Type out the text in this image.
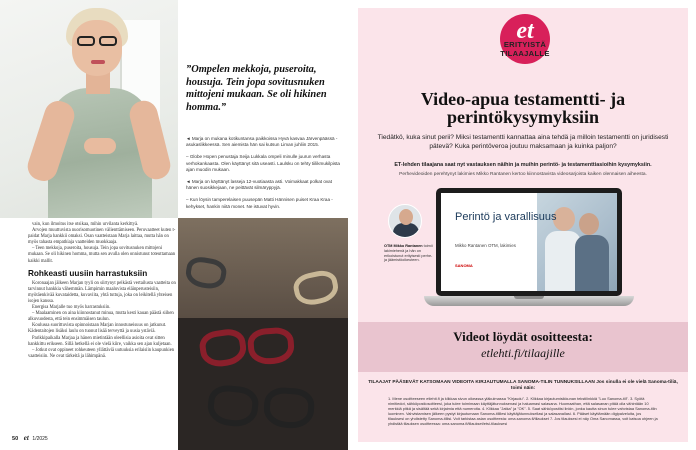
”Ompelen mekkoja, puseroita, housuja. Tein jopa sovitusnuken mittojeni mukaan. Se oli hikinen homma.”

◄ Marja on mukana kotikuntansa paikkoissa Hyvä kasvaa Järvenpäässä -asukaslikkeessä. Sen aiemista hän sai kutsun Liman juhliin 2015.

– Globe Hopen penustaja Seija Lukkala ompeli minulle juurun verhasta verhokankaasta. Olen käyttänyt sitä useasti. Laulsku on tehty tiilikmukilpista ajan muodin mukaan.

◄ Marja on käyttänyt lasseja 12-vuotiaasta asti. Voimakkaat polkat ovat hänen suosikkejaan, ne peittävät silmäryppyjä.

– Kun löysin tamperelaisen puusepän Matti Hännisen puiset Kraa Kraa -kehykset, hankin niitä monet. Ne istuvat hyvin.

vain, kun ilmoitus itse otsikaa, mihin urvilanta kerkittyä.

Arvojen muuttuvista nuorisomuotinen välienttämiseen. Peruvaatteet kuten t-paidat Marja hankkii omaksi. Osan vaatteistaan Marja laittaa, mutta hän on myös tahasta empathiaja vaatteiden muokkaaja.

– Teen mekkoja, puseroita, housuja. Tein jopa sovitusnuken mittojeni mukaan. Se oli hikinen homma, mutta sen avulla olen onnistunut toteuttamaan kaikki mallit.

Rohkeasti uusiin harrastuksiin

Koronaajan jälkeen Marjan tyyli on siirtynyt pelkästä vertailusta vaatteita on tarvinnut hankkia vähemmän. Lämpimin maaluvista eläinperusteisiin, myötäenkivää kuvataidetta, kuvaviita, yhtä tuttuja, joka on leikitellä yhteisen isojen kanssa.

Energisa Marjalle tuo myös harrastuksiin.

– Maalaaminen on aina kiinnostanut minua, mutta kesti kauan päästä siihen alkuvuodesta, että tein ensimmäisen taulun.

Koulussa suorittuvista opinnoistaan Marjan innostuneisuus on jatkunut. Kädentaitojen lisäksi laulu on tuonut lisää terveyttä ja uusia ystäviä.

Parikkipaikalla Marjaa ja hänen mietintään oleellisia asioita ovat sitten hankkittu erikseen. Sillä hetkellä ei ole vielä kiire, vaikka sen ajan kuljetaan.

– Jotkut ovat oppineet rohkeuteen yllättäviä uutuuksia erilaisiin kaupunkien vaatteisiin. Ne ovat tärkeitä ja lähimpänä.

50 et 1/2025
et
ERITYISTÄ
TILAAJALLE
Video-apua testamentti- ja perintökysymyksiin
Tiedätkö, kuka sinut perii? Miksi testamentti kannattaa aina tehdä ja milloin testamentti on juridisesti pätevä? Kuka perintöveroa joutuu maksamaan ja kuinka paljon?
ET-lehden tilaajana saat nyt vastauksen näihin ja muihin perintö- ja testamenttiasioihin kysymyksiin.
Perhevideoiden perehtynyt lakimies Mikko Rantanen kertoo kiinnostavista videosarjoista kaiken olennaisen aiheesta.
Perintö ja varallisuus
Mikko Rantanen OTM, lakimies
SANOMA
OTM Mikko Rantanen toimii lakimiehenä ja hän on erikoistunut erityisesti perhe- ja jäämistöoikeuteen.
Videot löydät osoitteesta:
etlehti.fi/tilaajille
TILAAJAT PÄÄSEVÄT KATSOMAAN VIDEOITA KIRJAUTUMALLA SANOMA-TILIN TUNNUKSILLAAN Jos sinulla ei ole vielä Sanoma-tiliä, toimi näin:
1. Mene osoitteeseen etlehti.fi ja klikkaa sivun oikeassa yläkulmassa "Kirjaudu". 2. Klikkaa kirjautumisikkunan tekstilinkkiä "Luo Sanoma-tili". 3. Syötä nimitiedot, sähköpostiosoitteesi, joka tulee toimimaan käyttäjätunnuksenasi ja haluamasi salasana. Huomaathan, että salasanan pitää olla vähintään 10 merkkiä pitkä ja sisältää sekä kirjaimia että numeroita. 4. Klikkaa "Jatka" ja "OK". 5. Saat sähköpostiisi linkin, jonka kautta sinun tulee vahvistaa Sanoma-tilin luominen. Vahvistamisen jälkeen pystyt kirjautumaan Sanoma-tilillesi käyttäjätunnuksellasi ja salasanallasi. 6. Pääset käyttämään digipalveluita, jos tilauksesi on yhdistetty Sanoma-tiliisi. Voit tarkistaa asian osoitteesta: oma.sanoma.fi/tilaukset 7. Jos tilauksesi ei näy Oma Sanomassa, voit katsoa ohjeen ja yhdistää tilauksen osoitteessa: oma.sanoma.fi/tilaukset/etsi-tilauksesi
